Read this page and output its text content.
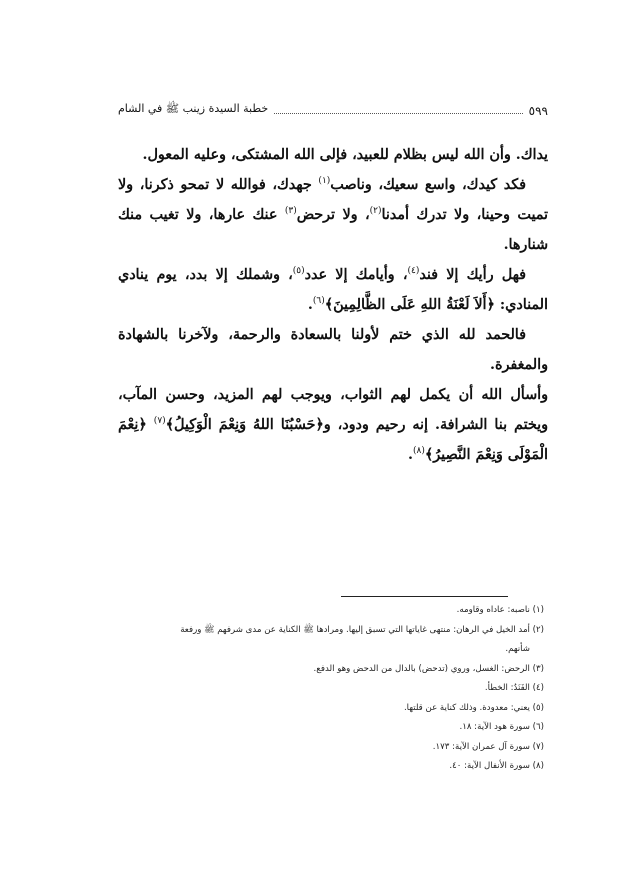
خطبة السيدة زينب ﷺ في الشام	٥٩٩

يداك. وأن الله ليس بظلام للعبيد، فإلى الله المشتكى، وعليه المعول.

فكد كيدك، واسع سعيك، وناصب$^{(١)}$ جهدك، فوالله لا تمحو ذكرنا، ولا تميت وحينا، ولا تدرك أمدنا$^{(٢)}$، ولا ترحض$^{(٣)}$ عنك عارها، ولا تغيب منك شنارها.

فهل رأيك إلا فند$^{(٤)}$، وأيامك إلا عدد$^{(٥)}$، وشملك إلا بدد، يوم ينادي المنادي: ﴿أَلاَ لَعْنَةُ اللهِ عَلَى الظَّالِمِينَ﴾$^{(٦)}$.

فالحمد لله الذي ختم لأولنا بالسعادة والرحمة، ولآخرنا بالشهادة والمغفرة.

وأسأل الله أن يكمل لهم الثواب، ويوجب لهم المزيد، وحسن المآب، ويختم بنا الشرافة. إنه رحيم ودود، و﴿حَسْبُنَا اللهُ وَنِعْمَ الْوَكِيلُ﴾$^{(٧)}$ ﴿نِعْمَ الْمَوْلَى وَنِعْمَ النَّصِيرُ﴾$^{(٨)}$.

(١) ناصبه: عاداه وقاومه.

(٢) أمد الخيل في الرهان: منتهى غاياتها التي تسبق إليها. ومرادها ﷺ الكناية عن مدى شرفهم ﷺ ورفعة
شأنهم.

(٣) الرحض: الغسل، وروي (تدحض) بالدال من الدحض وهو الدفع.

(٤) الفَنَدُ: الخطأ.

(٥) يعني: معدودة. وذلك كناية عن قلتها.

(٦) سورة هود الآية: ١٨.

(٧) سورة آل عمران الآية: ١٧٣.

(٨) سورة الأنفال الآية: ٤٠.
